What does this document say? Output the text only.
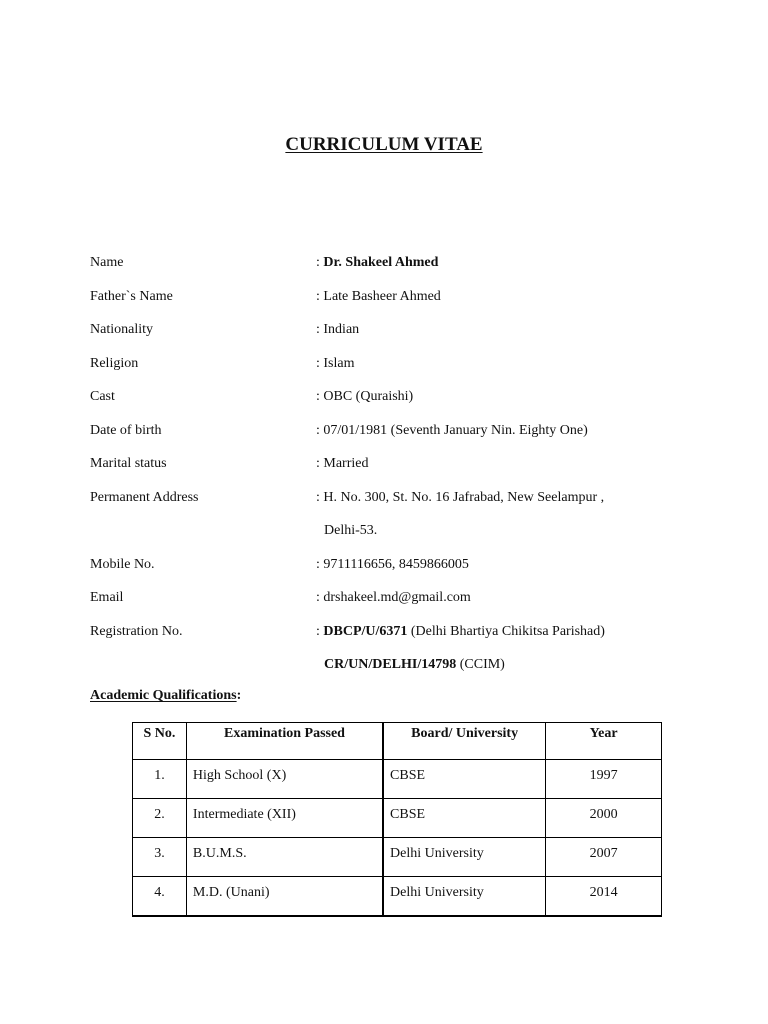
CURRICULUM VITAE
Name	: Dr. Shakeel Ahmed
Father`s Name	: Late Basheer Ahmed
Nationality	: Indian
Religion	: Islam
Cast	: OBC (Quraishi)
Date of birth	: 07/01/1981 (Seventh January Nin. Eighty One)
Marital status	: Married
Permanent Address	: H. No. 300, St. No. 16 Jafrabad, New Seelampur ,
Delhi-53.
Mobile No.	: 9711116656, 8459866005
Email	: drshakeel.md@gmail.com
Registration No.	: DBCP/U/6371 (Delhi Bhartiya Chikitsa Parishad)
CR/UN/DELHI/14798 (CCIM)
Academic Qualifications:
S No.	Examination Passed	Board/ University	Year
1.	High School (X)	CBSE	1997
2.	Intermediate (XII)	CBSE	2000
3.	B.U.M.S.	Delhi University	2007
4.	M.D. (Unani)	Delhi University	2014
